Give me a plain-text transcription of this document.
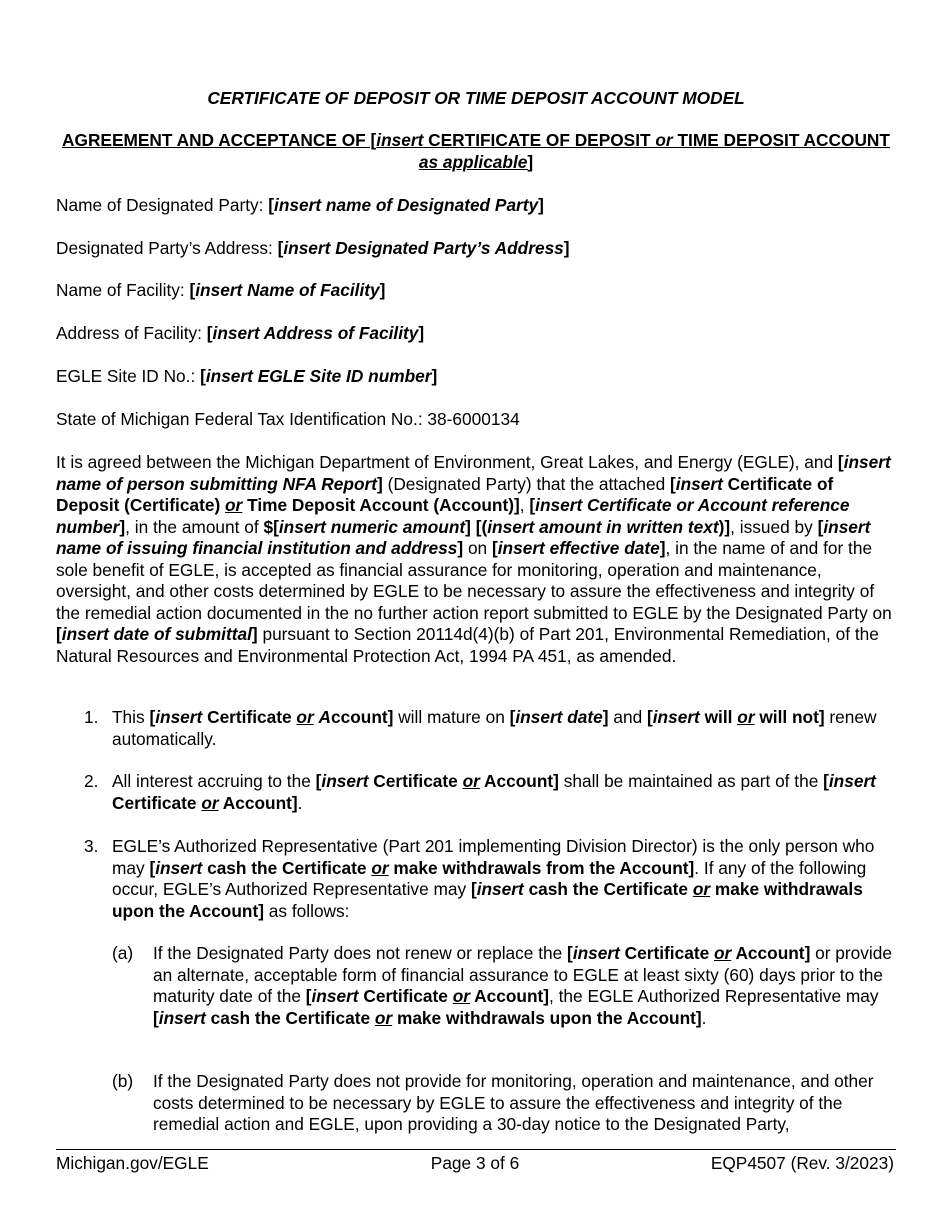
CERTIFICATE OF DEPOSIT OR TIME DEPOSIT ACCOUNT MODEL

AGREEMENT AND ACCEPTANCE OF [insert CERTIFICATE OF DEPOSIT or TIME DEPOSIT ACCOUNT as applicable]

Name of Designated Party: [insert name of Designated Party]

Designated Party’s Address: [insert Designated Party’s Address]

Name of Facility: [insert Name of Facility]

Address of Facility: [insert Address of Facility]

EGLE Site ID No.: [insert EGLE Site ID number]

State of Michigan Federal Tax Identification No.: 38-6000134

It is agreed between the Michigan Department of Environment, Great Lakes, and Energy (EGLE), and [insert name of person submitting NFA Report] (Designated Party) that the attached [insert Certificate of Deposit (Certificate) or Time Deposit Account (Account)], [insert Certificate or Account reference number], in the amount of $[insert numeric amount] [(insert amount in written text)], issued by [insert name of issuing financial institution and address] on [insert effective date], in the name of and for the sole benefit of EGLE, is accepted as financial assurance for monitoring, operation and maintenance, oversight, and other costs determined by EGLE to be necessary to assure the effectiveness and integrity of the remedial action documented in the no further action report submitted to EGLE by the Designated Party on [insert date of submittal] pursuant to Section 20114d(4)(b) of Part 201, Environmental Remediation, of the Natural Resources and Environmental Protection Act, 1994 PA 451, as amended.

1. This [insert Certificate or Account] will mature on [insert date] and [insert will or will not] renew automatically.

2. All interest accruing to the [insert Certificate or Account] shall be maintained as part of the [insert Certificate or Account].

3. EGLE’s Authorized Representative (Part 201 implementing Division Director) is the only person who may [insert cash the Certificate or make withdrawals from the Account]. If any of the following occur, EGLE’s Authorized Representative may [insert cash the Certificate or make withdrawals upon the Account] as follows:

(a) If the Designated Party does not renew or replace the [insert Certificate or Account] or provide an alternate, acceptable form of financial assurance to EGLE at least sixty (60) days prior to the maturity date of the [insert Certificate or Account], the EGLE Authorized Representative may [insert cash the Certificate or make withdrawals upon the Account].

(b) If the Designated Party does not provide for monitoring, operation and maintenance, and other costs determined to be necessary by EGLE to assure the effectiveness and integrity of the remedial action and EGLE, upon providing a 30-day notice to the Designated Party,

Michigan.gov/EGLE	Page 3 of 6	EQP4507 (Rev. 3/2023)
